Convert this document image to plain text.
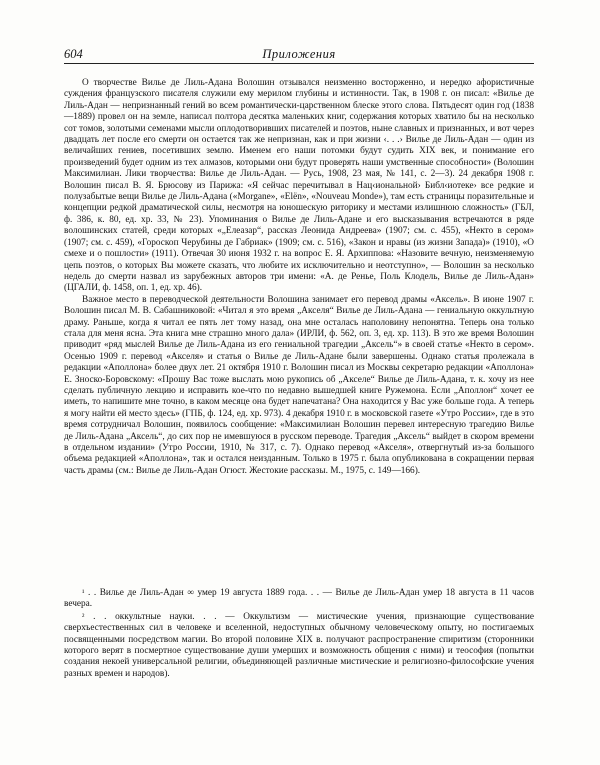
604	Приложения

О творчестве Вилье де Лиль-Адана Волошин отзывался неизменно восторженно, и нередко афористичные суждения французского писателя служили ему мерилом глубины и истинности. Так, в 1908 г. он писал: «Вилье де Лиль-Адан — непризнанный гений во всем романтически-царственном блеске этого слова. Пятьдесят один год (1838—1889) провел он на земле, написал полтора десятка маленьких книг, содержания которых хватило бы на несколько сот томов, золотыми семенами мысли оплодотворивших писателей и поэтов, ныне славных и признанных, и вот через двадцать лет после его смерти он остается так же непризнан, как и при жизни ‹. . .› Вилье де Лиль-Адан — один из величайших гениев, посетивших землю. Именем его наши потомки будут судить XIX век, и понимание его произведений будет одним из тех алмазов, которыми они будут проверять наши умственные способности» (Волошин Максимилиан. Лики творчества: Вилье де Лиль-Адан. — Русь, 1908, 23 мая, № 141, с. 2—3). 24 декабря 1908 г. Волошин писал В. Я. Брюсову из Парижа: «Я сейчас перечитывал в Нац‹иональной› Библ‹иотеке› все редкие и полузабытые вещи Вилье де Лиль-Адана («Morgane», «Elën», «Nouveau Monde»), там есть страницы поразительные и концепции редкой драматической силы, несмотря на юношескую риторику и местами излишнюю сложность» (ГБЛ, ф. 386, к. 80, ед. хр. 33, № 23). Упоминания о Вилье де Лиль-Адане и его высказывания встречаются в ряде волошинских статей, среди которых «„Елеазар“, рассказ Леонида Андреева» (1907; см. с. 455), «Некто в сером» (1907; см. с. 459), «Гороскоп Черубины де Габриак» (1909; см. с. 516), «Закон и нравы (из жизни Запада)» (1910), «О смехе и о пошлости» (1911). Отвечая 30 июня 1932 г. на вопрос Е. Я. Архиппова: «Назовите вечную, неизменяемую цепь поэтов, о которых Вы можете сказать, что любите их исключительно и неотступно», — Волошин за несколько недель до смерти назвал из зарубежных авторов три имени: «А. де Ренье, Поль Клодель, Вилье де Лиль-Адан» (ЦГАЛИ, ф. 1458, оп. 1, ед. хр. 46).

Важное место в переводческой деятельности Волошина занимает его перевод драмы «Аксель». В июне 1907 г. Волошин писал М. В. Сабашниковой: «Читал я это время „Акселя“ Вилье де Лиль-Адана — гениальную оккультную драму. Раньше, когда я читал ее пять лет тому назад, она мне осталась наполовину непонятна. Теперь она только стала для меня ясна. Эта книга мне страшно много дала» (ИРЛИ, ф. 562, оп. 3, ед. хр. 113). В это же время Волошин приводит «ряд мыслей Вилье де Лиль-Адана из его гениальной трагедии „Аксель“» в своей статье «Некто в сером». Осенью 1909 г. перевод «Акселя» и статья о Вилье де Лиль-Адане были завершены. Однако статья пролежала в редакции «Аполлона» более двух лет. 21 октября 1910 г. Волошин писал из Москвы секретарю редакции «Аполлона» Е. Зноско-Боровскому: «Прошу Вас тоже выслать мою рукопись об „Акселе“ Вилье де Лиль-Адана, т. к. хочу из нее сделать публичную лекцию и исправить кое-что по недавно вышедшей книге Ружемона. Если „Аполлон“ хочет ее иметь, то напишите мне точно, в каком месяце она будет напечатана? Она находится у Вас уже больше года. А теперь я могу найти ей место здесь» (ГПБ, ф. 124, ед. хр. 973). 4 декабря 1910 г. в московской газете «Утро России», где в это время сотрудничал Волошин, появилось сообщение: «Максимилиан Волошин перевел интересную трагедию Вилье де Лиль-Адана „Аксель“, до сих пор не имевшуюся в русском переводе. Трагедия „Аксель“ выйдет в скором времени в отдельном издании» (Утро России, 1910, № 317, с. 7). Однако перевод «Акселя», отвергнутый из-за большого объема редакцией «Аполлона», так и остался неизданным. Только в 1975 г. была опубликована в сокращении первая часть драмы (см.: Вилье де Лиль-Адан Огюст. Жестокие рассказы. М., 1975, с. 149—166).

¹ . . Вилье де Лиль-Адан ∞ умер 19 августа 1889 года. . . — Вилье де Лиль-Адан умер 18 августа в 11 часов вечера.

² . . оккультные науки. . . — Оккультизм — мистические учения, признающие существование сверхъестественных сил в человеке и вселенной, недоступных обычному человеческому опыту, но постигаемых посвященными посредством магии. Во второй половине XIX в. получают распространение спиритизм (сторонники которого верят в посмертное существование души умерших и возможность общения с ними) и теософия (попытки создания некоей универсальной религии, объединяющей различные мистические и религиозно-философские учения разных времен и народов).
